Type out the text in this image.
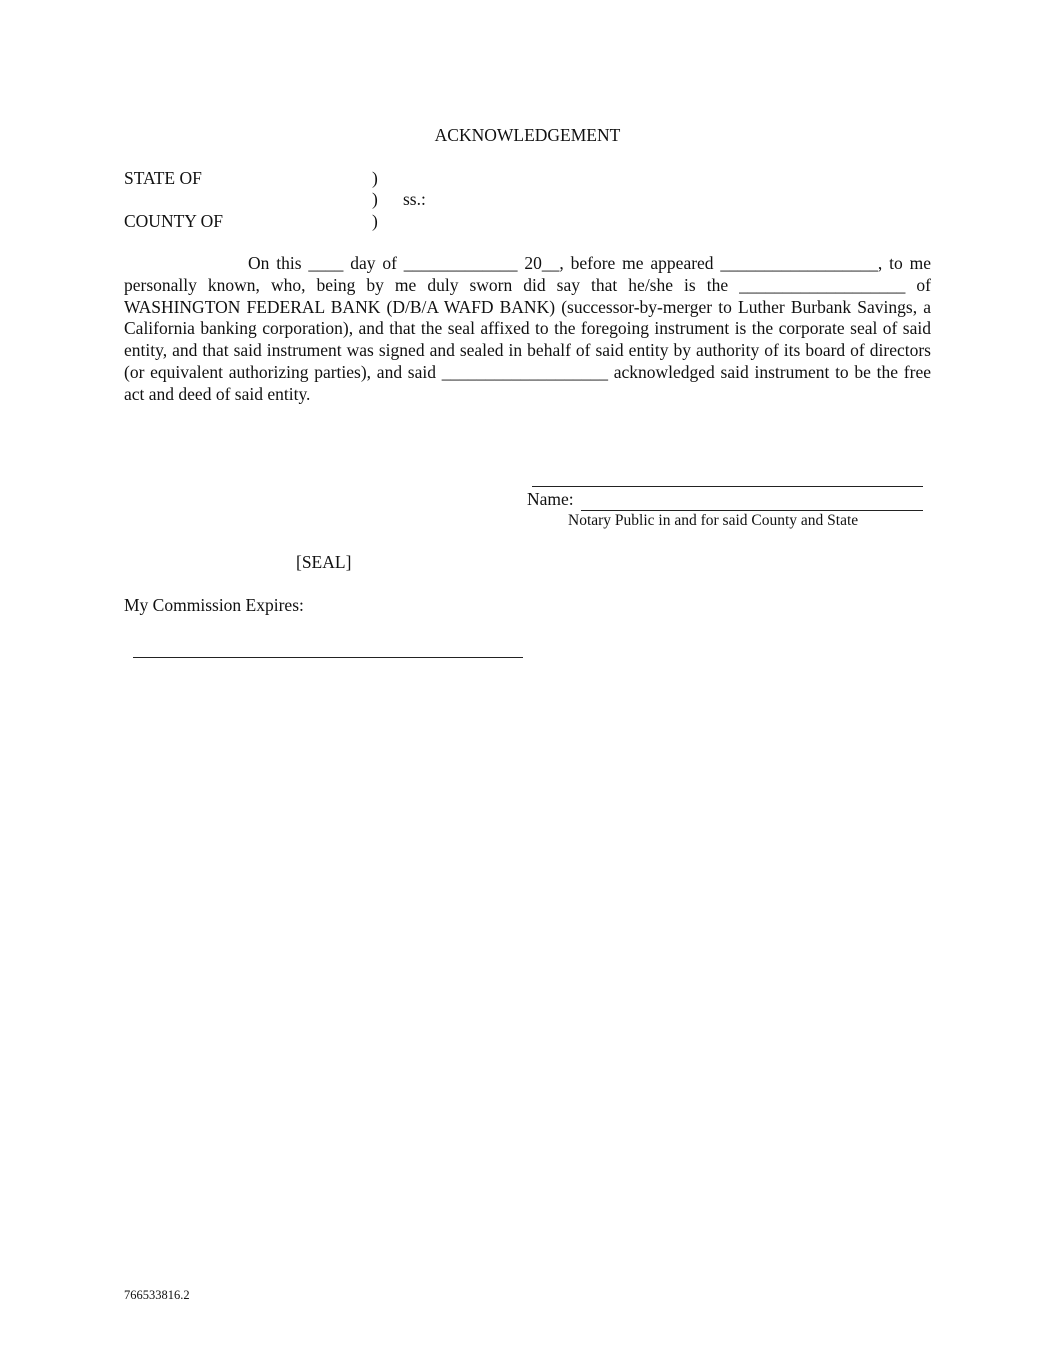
ACKNOWLEDGEMENT
STATE OF	)
) ss.:
)
COUNTY OF
On this ____ day of _____________ 20__, before me appeared __________________, to me personally known, who, being by me duly sworn did say that he/she is the ___________________ of WASHINGTON FEDERAL BANK (D/B/A WAFD BANK) (successor-by-merger to Luther Burbank Savings, a California banking corporation), and that the seal affixed to the foregoing instrument is the corporate seal of said entity, and that said instrument was signed and sealed in behalf of said entity by authority of its board of directors (or equivalent authorizing parties), and said ___________________ acknowledged said instrument to be the free act and deed of said entity.
Name:
Notary Public in and for said County and State
[SEAL]
My Commission Expires:
766533816.2
